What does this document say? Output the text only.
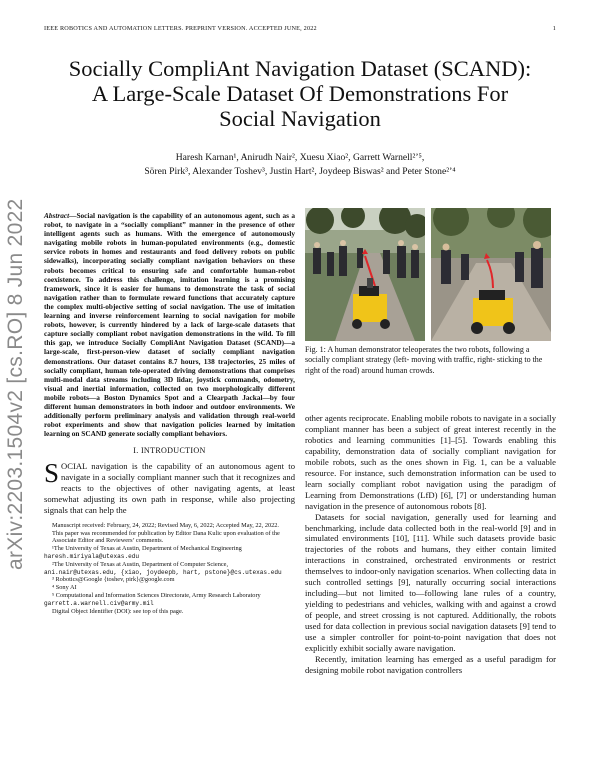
IEEE ROBOTICS AND AUTOMATION LETTERS. PREPRINT VERSION. ACCEPTED JUNE, 2022	1
Socially CompliAnt Navigation Dataset (SCAND):
A Large-Scale Dataset Of Demonstrations For
Social Navigation
Haresh Karnan¹, Anirudh Nair², Xuesu Xiao², Garrett Warnell²ʼ⁵,
Sören Pirk³, Alexander Toshev³, Justin Hart², Joydeep Biswas² and Peter Stone²ʼ⁴
arXiv:2203.1504v2 [cs.RO] 8 Jun 2022 Abstract—Social navigation is the capability of an autonomous agent, such as a robot, to navigate in a “socially compliant” manner in the presence of other intelligent agents such as humans. With the emergence of autonomously navigating mobile robots in human-populated environments (e.g., domestic service robots in homes and restaurants and food delivery robots on public sidewalks), incorporating socially compliant navigation behaviors on these robots becomes critical to ensuring safe and comfortable human-robot coexistence. To address this challenge, imitation learning is a promising framework, since it is easier for humans to demonstrate the task of social navigation rather than to formulate reward functions that accurately capture the complex multi-objective setting of social navigation. The use of imitation learning and inverse reinforcement learning to social navigation for mobile robots, however, is currently hindered by a lack of large-scale datasets that capture socially compliant robot navigation demonstrations in the wild. To fill this gap, we introduce Socially CompliAnt Navigation Dataset (SCAND)—a large-scale, first-person-view dataset of socially compliant navigation demonstrations. Our dataset contains 8.7 hours, 138 trajectories, 25 miles of socially compliant, human tele-operated driving demonstrations that comprises multi-modal data streams including 3D lidar, joystick commands, odometry, visual and inertial information, collected on two morphologically different mobile robots—a Boston Dynamics Spot and a Clearpath Jackal—by four different human demonstrators in both indoor and outdoor environments. We additionally perform preliminary analysis and validation through real-world robot experiments and show that navigation policies learned by imitation learning on SCAND generate socially compliant behaviors.
I. INTRODUCTION
SOCIAL navigation is the capability of an autonomous agent to navigate in a socially compliant manner such that it recognizes and reacts to the objectives of other navigating agents, at least somewhat adjusting its own path in response, while also projecting signals that can help the
Manuscript received: February, 24, 2022; Revised May, 6, 2022; Accepted May, 22, 2022.
This paper was recommended for publication by Editor Dana Kulic upon evaluation of the Associate Editor and Reviewers’ comments.
¹The University of Texas at Austin, Department of Mechanical Engineering
haresh.miriyala@utexas.edu
²The University of Texas at Austin, Department of Computer Science,
ani.nair@utexas.edu, {xiao, joydeepb, hart, pstone}@cs.utexas.edu
³ Robotics@Google {toshev, pirk}@google.com
⁴ Sony AI
⁵ Computational and Information Sciences Directorate, Army Research Laboratory
garrett.a.warnell.civ@army.mil
Digital Object Identifier (DOI): see top of this page.
Fig. 1: A human demonstrator teleoperates the two robots, following a socially compliant strategy (left- moving with traffic, right- sticking to the right of the road) around human crowds.

other agents reciprocate. Enabling mobile robots to navigate in a socially compliant manner has been a subject of great interest recently in the robotics and learning communities [1]–[5]. Towards enabling this capability, demonstration data of socially compliant navigation for mobile robots, such as the ones shown in Fig. 1, can be a valuable resource. For instance, such demonstration information can be used to learn socially compliant robot navigation using the paradigm of Learning from Demonstrations (LfD) [6], [7] or understanding human navigation in the presence of autonomous robots [8].

Datasets for social navigation, generally used for learning and benchmarking, include data collected both in the real-world [9] and in simulated environments [10], [11]. While such datasets provide basic trajectories of the robots and humans, they either contain limited interactions in constrained, orchestrated environments or restrict themselves to indoor-only navigation scenarios. When collecting data in such controlled settings [9], naturally occurring social interactions including—but not limited to—following lane rules of a country, yielding to pedestrians and vehicles, walking with and against a crowd of people, and street crossing is not captured. Additionally, the robots used for data collection in previous social navigation datasets [9] tend to use a simpler controller for point-to-point navigation that does not explicitly exhibit socially aware navigation.

Recently, imitation learning has emerged as a useful paradigm for designing mobile robot navigation controllers
